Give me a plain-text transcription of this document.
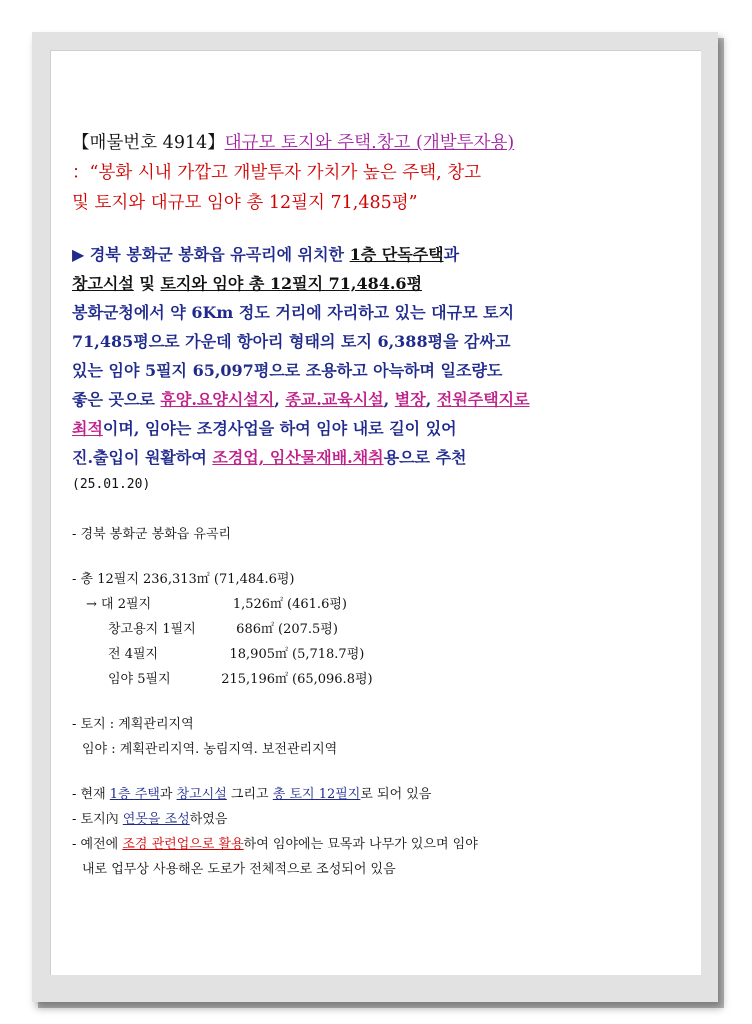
【매물번호 4914】대규모 토지와 주택.창고 (개발투자용)
：“봉화 시내 가깝고 개발투자 가치가 높은 주택, 창고
및 토지와 대규모 임야 총 12필지 71,485평”
▶ 경북 봉화군 봉화읍 유곡리에 위치한 1층 단독주택과
창고시설 및 토지와 임야 총 12필지 71,484.6평
봉화군청에서 약 6Km 정도 거리에 자리하고 있는 대규모 토지
71,485평으로 가운데 항아리 형태의 토지 6,388평을 감싸고
있는 임야 5필지 65,097평으로 조용하고 아늑하며 일조량도
좋은 곳으로 휴양.요양시설지, 종교.교육시설, 별장, 전원주택지로
최적이며, 임야는 조경사업을 하여 임야 내로 길이 있어
진.출입이 원활하여 조경업, 임산물재배.채취용으로 추천
(25.01.20)
- 경북 봉화군 봉화읍 유곡리
- 총 12필지 236,313㎡ (71,484.6평)
→ 대 2필지	1,526㎡ (461.6평)
창고용지 1필지	686㎡ (207.5평)
전 4필지	18,905㎡ (5,718.7평)
임야 5필지	215,196㎡ (65,096.8평)
- 토지 : 계획관리지역
임야 : 계획관리지역. 농림지역. 보전관리지역
- 현재 1층 주택과 창고시설 그리고 총 토지 12필지로 되어 있음
- 토지內 연못을 조성하였음
- 예전에 조경 관련업으로 활용하여 임야에는 묘목과 나무가 있으며 임야
내로 업무상 사용해온 도로가 전체적으로 조성되어 있음
